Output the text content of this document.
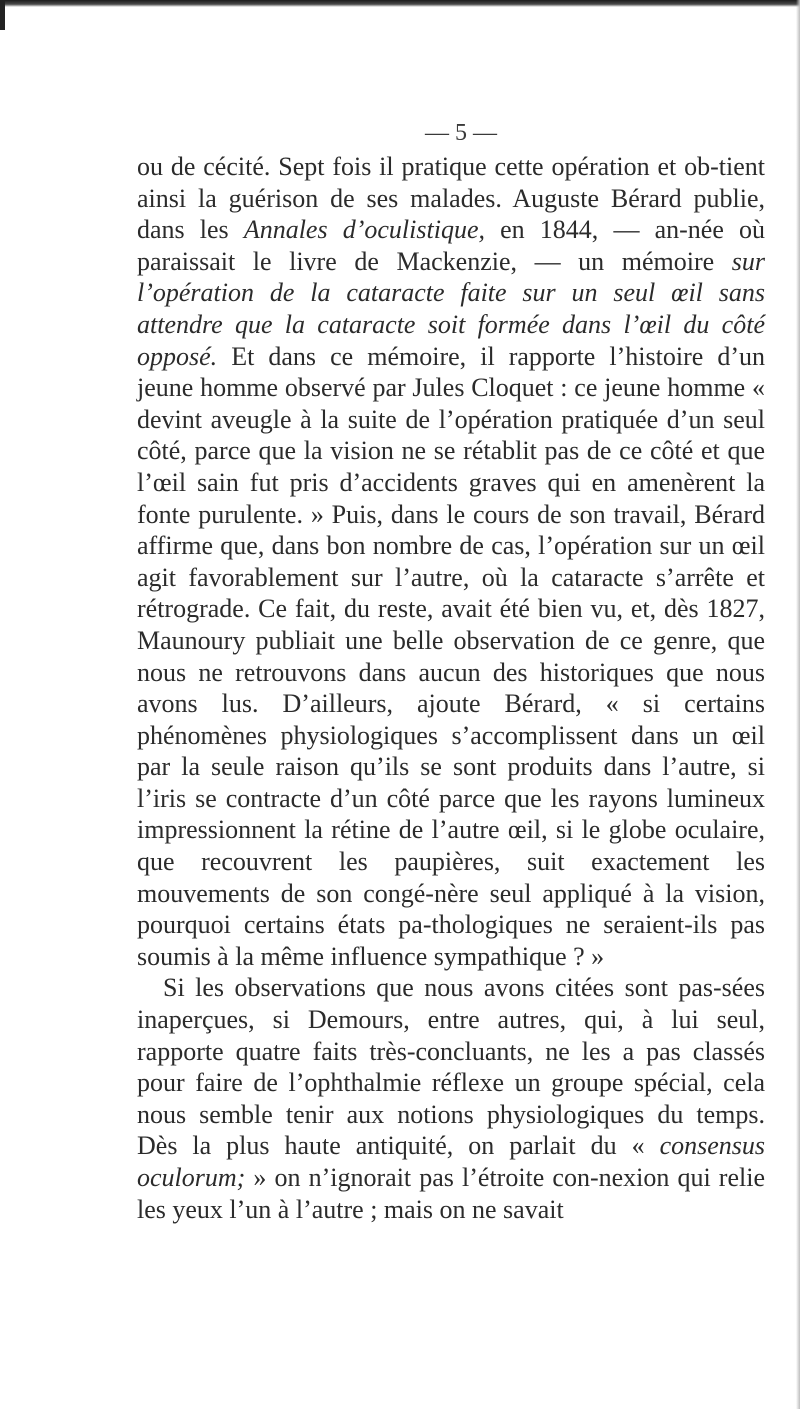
— 5 —

ou de cécité. Sept fois il pratique cette opération et ob-tient ainsi la guérison de ses malades. Auguste Bérard publie, dans les Annales d’oculistique, en 1844, — an-née où paraissait le livre de Mackenzie, — un mémoire sur l’opération de la cataracte faite sur un seul œil sans attendre que la cataracte soit formée dans l’œil du côté opposé. Et dans ce mémoire, il rapporte l’histoire d’un jeune homme observé par Jules Cloquet : ce jeune homme « devint aveugle à la suite de l’opération pratiquée d’un seul côté, parce que la vision ne se rétablit pas de ce côté et que l’œil sain fut pris d’accidents graves qui en amenèrent la fonte purulente. » Puis, dans le cours de son travail, Bérard affirme que, dans bon nombre de cas, l’opération sur un œil agit favorablement sur l’autre, où la cataracte s’arrête et rétrograde. Ce fait, du reste, avait été bien vu, et, dès 1827, Maunoury publiait une belle observation de ce genre, que nous ne retrouvons dans aucun des historiques que nous avons lus. D’ailleurs, ajoute Bérard, « si certains phénomènes physiologiques s’accomplissent dans un œil par la seule raison qu’ils se sont produits dans l’autre, si l’iris se contracte d’un côté parce que les rayons lumineux impressionnent la rétine de l’autre œil, si le globe oculaire, que recouvrent les paupières, suit exactement les mouvements de son congé-nère seul appliqué à la vision, pourquoi certains états pa-thologiques ne seraient-ils pas soumis à la même influence sympathique ? »

Si les observations que nous avons citées sont pas-sées inaperçues, si Demours, entre autres, qui, à lui seul, rapporte quatre faits très-concluants, ne les a pas classés pour faire de l’ophthalmie réflexe un groupe spécial, cela nous semble tenir aux notions physiologiques du temps. Dès la plus haute antiquité, on parlait du « consensus oculorum; » on n’ignorait pas l’étroite con-nexion qui relie les yeux l’un à l’autre ; mais on ne savait
